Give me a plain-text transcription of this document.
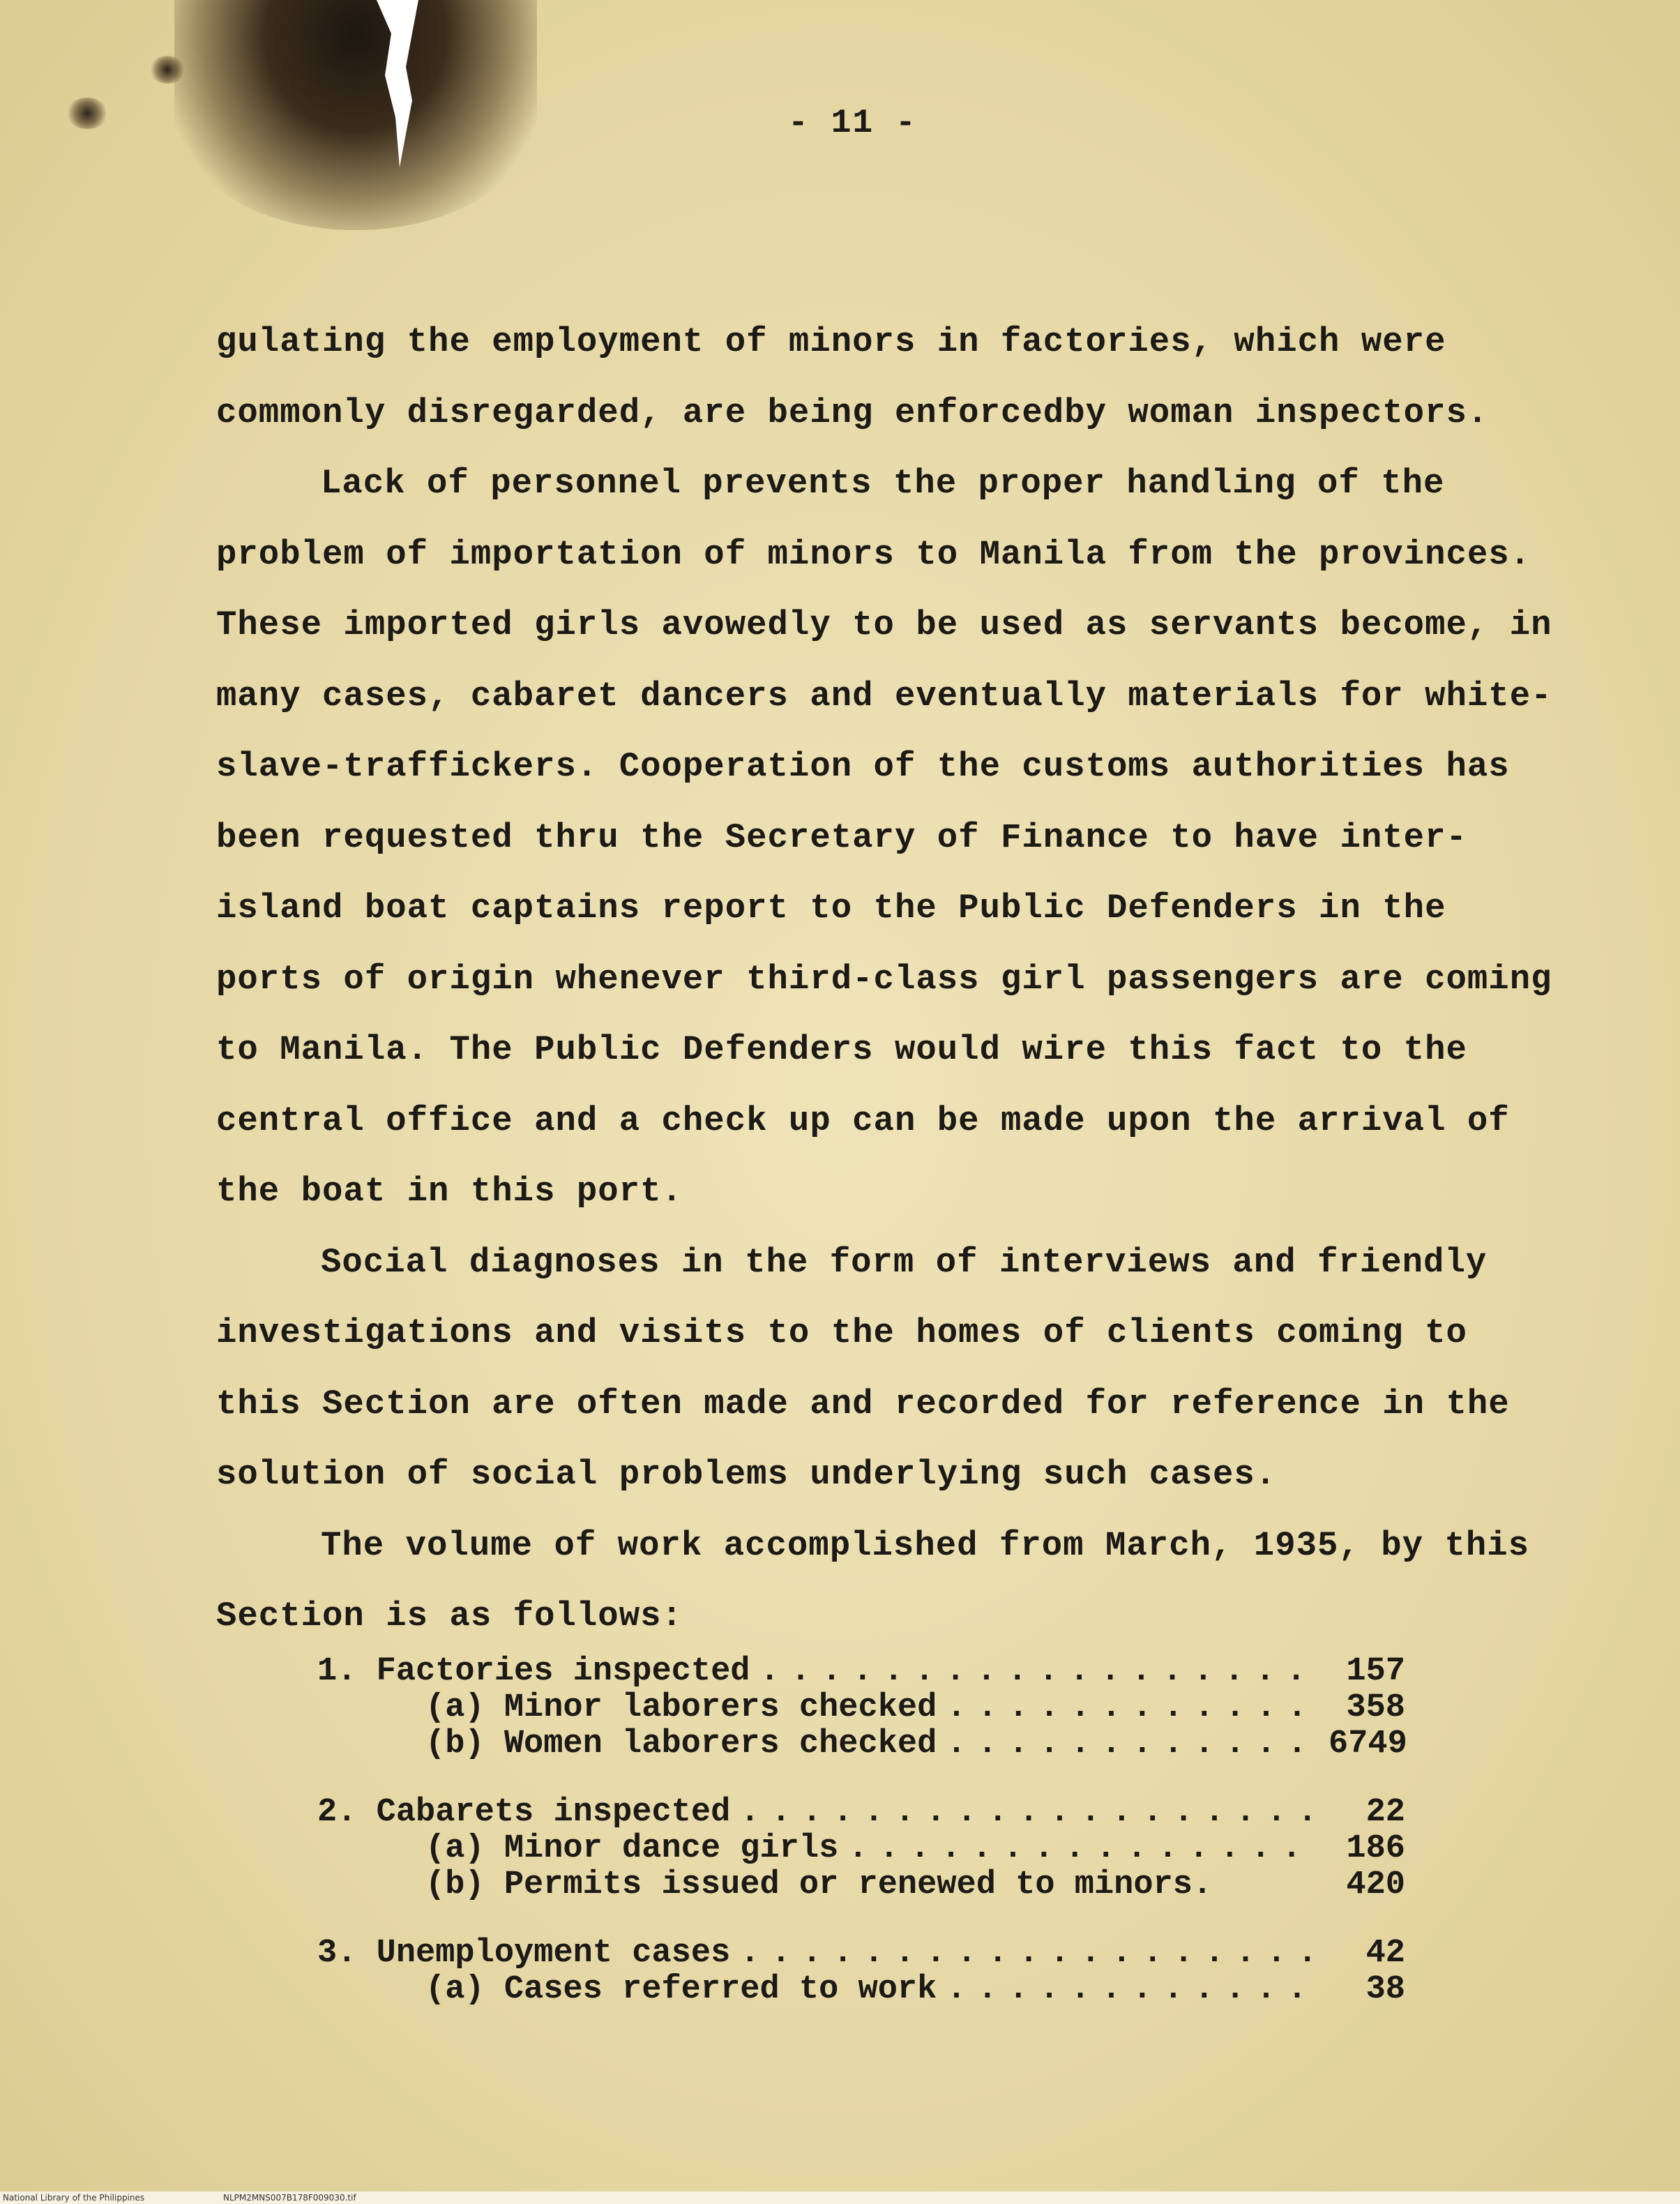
- 11 -

gulating the employment of minors in factories, which were commonly disregarded, are being enforcedby woman inspectors.

Lack of personnel prevents the proper handling of the problem of importation of minors to Manila from the provinces. These imported girls avowedly to be used as servants become, in many cases, cabaret dancers and eventually materials for white-slave-traffickers. Cooperation of the customs authorities has been requested thru the Secretary of Finance to have inter-island boat captains report to the Public Defenders in the ports of origin whenever third-class girl passengers are coming to Manila. The Public Defenders would wire this fact to the central office and a check up can be made upon the arrival of the boat in this port.

Social diagnoses in the form of interviews and friendly investigations and visits to the homes of clients coming to this Section are often made and recorded for reference in the solution of social problems underlying such cases.

The volume of work accomplished from March, 1935, by this Section is as follows:

1. Factories inspected . . .	157
(a) Minor laborers checked . . .	358
(b) Women laborers checked . . .	6749
2. Cabarets inspected . . .	22
(a) Minor dance girls . . .	186
(b) Permits issued or renewed to minors.	420
3. Unemployment cases . . .	42
(a) Cases referred to work . . .	38
National Library of the Philippines	NLPM2MNS007B178F009030.tif
